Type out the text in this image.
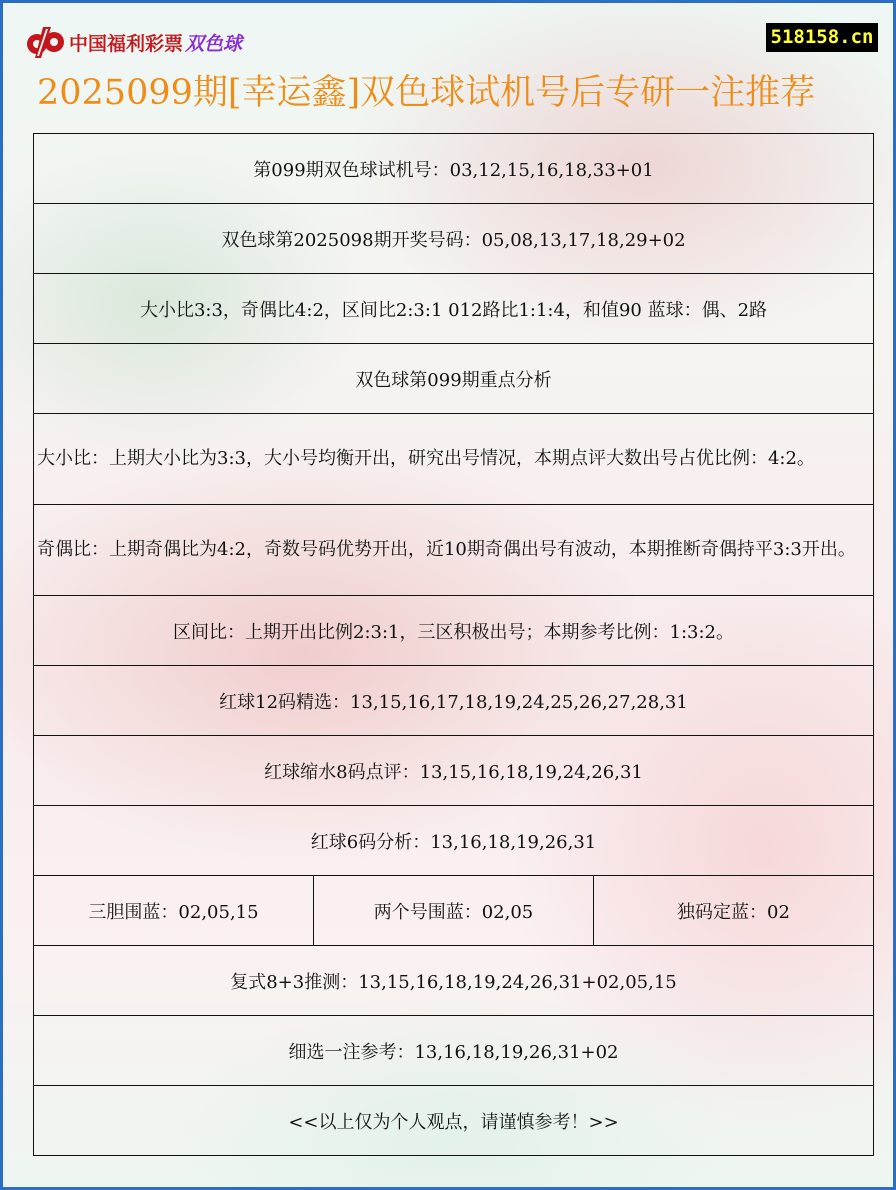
中国福利彩票 双色球	518158.cn
2025099期[幸运鑫]双色球试机号后专研一注推荐
第099期双色球试机号：03,12,15,16,18,33+01
双色球第2025098期开奖号码：05,08,13,17,18,29+02
大小比3:3，奇偶比4:2，区间比2:3:1 012路比1:1:4，和值90 蓝球：偶、2路
双色球第099期重点分析
大小比：上期大小比为3:3，大小号均衡开出，研究出号情况，本期点评大数出号占优比例：4:2。
奇偶比：上期奇偶比为4:2，奇数号码优势开出，近10期奇偶出号有波动，本期推断奇偶持平3:3开出。
区间比：上期开出比例2:3:1，三区积极出号；本期参考比例：1:3:2。
红球12码精选：13,15,16,17,18,19,24,25,26,27,28,31
红球缩水8码点评：13,15,16,18,19,24,26,31
红球6码分析：13,16,18,19,26,31
三胆围蓝：02,05,15	两个号围蓝：02,05	独码定蓝：02
复式8+3推测：13,15,16,18,19,24,26,31+02,05,15
细选一注参考：13,16,18,19,26,31+02
<<以上仅为个人观点，请谨慎参考！>>
